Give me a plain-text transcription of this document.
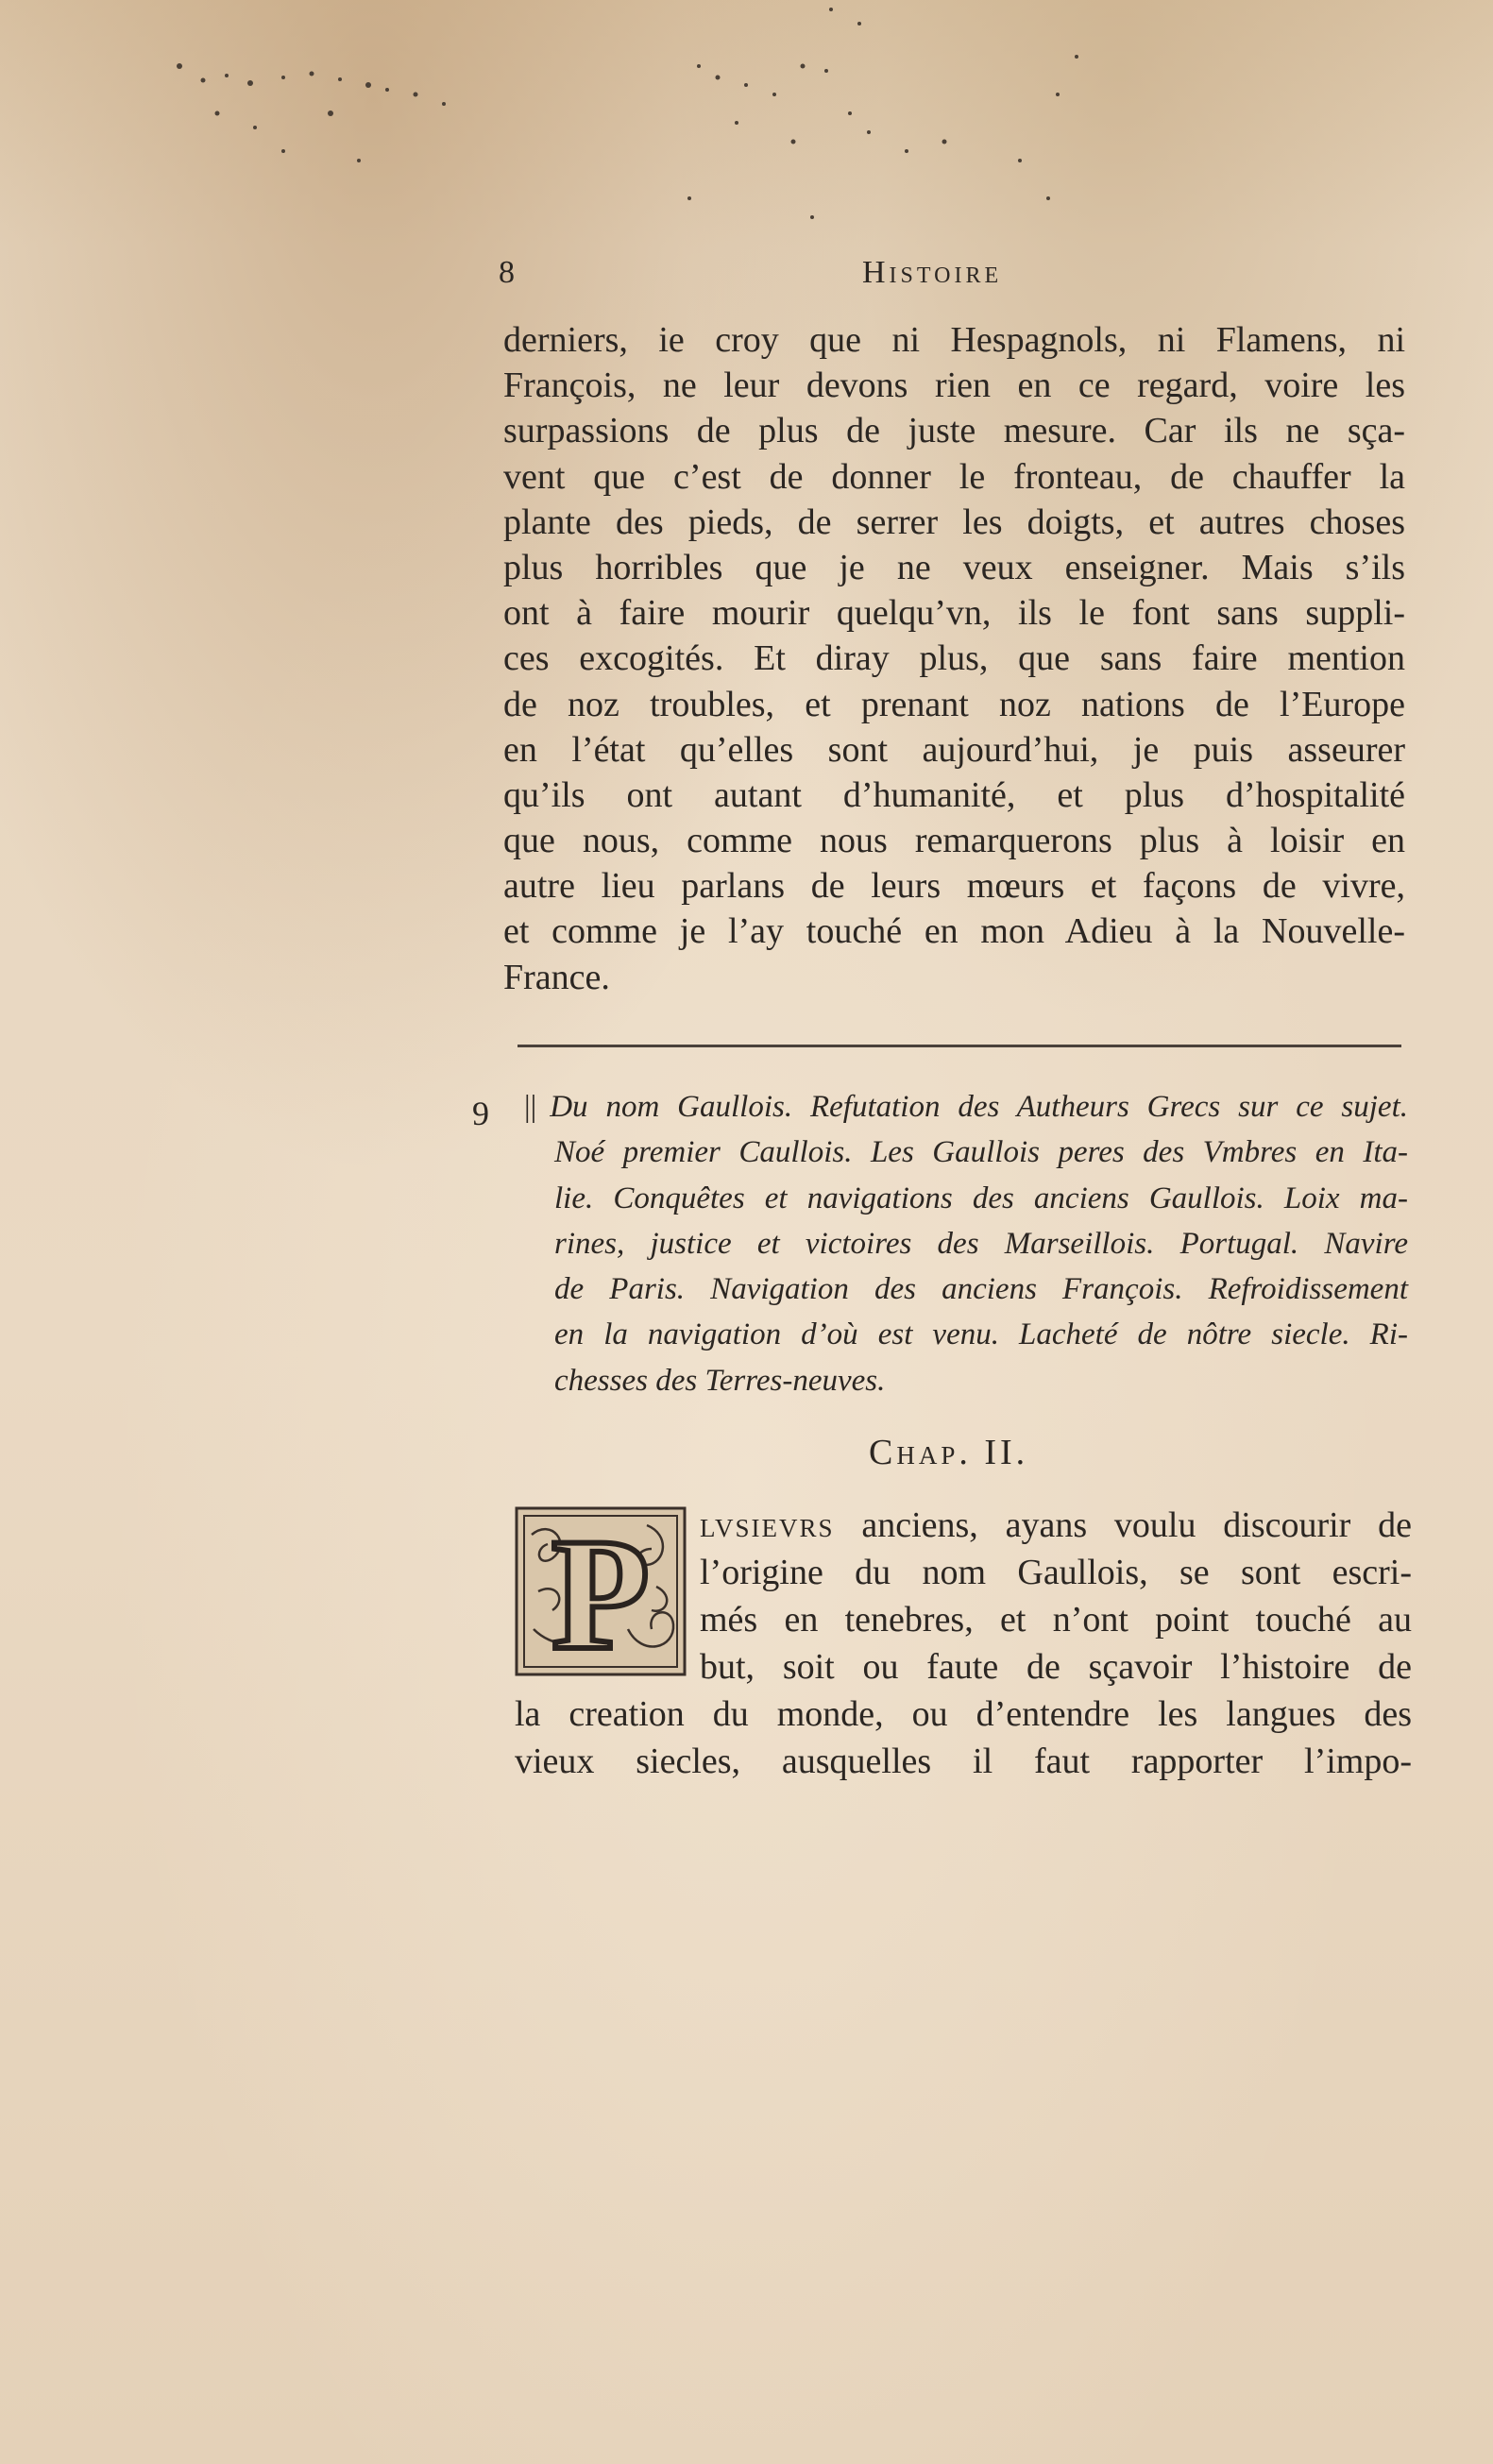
8	Histoire
derniers, ie croy que ni Hespagnols, ni Flamens, ni
François, ne leur devons rien en ce regard, voire les
surpassions de plus de juste mesure. Car ils ne sça-
vent que c’est de donner le fronteau, de chauffer la
plante des pieds, de serrer les doigts, et autres choses
plus horribles que je ne veux enseigner. Mais s’ils
ont à faire mourir quelqu’vn, ils le font sans suppli-
ces excogités. Et diray plus, que sans faire mention
de noz troubles, et prenant noz nations de l’Europe
en l’état qu’elles sont aujourd’hui, je puis asseurer
qu’ils ont autant d’humanité, et plus d’hospitalité
que nous, comme nous remarquerons plus à loisir en
autre lieu parlans de leurs mœurs et façons de vivre,
et comme je l’ay touché en mon Adieu à la Nouvelle-
France.
9 || Du nom Gaullois. Refutation des Autheurs Grecs sur ce sujet.
Noé premier Caullois. Les Gaullois peres des Vmbres en Ita-
lie. Conquêtes et navigations des anciens Gaullois. Loix ma-
rines, justice et victoires des Marseillois. Portugal. Navire
de Paris. Navigation des anciens François. Refroidissement
en la navigation d’où est venu. Lacheté de nôtre siecle. Ri-
chesses des Terres-neuves.
Chap. II.
P	lvsievrs anciens, ayans voulu discourir de
l’origine du nom Gaullois, se sont escri-
més en tenebres, et n’ont point touché au
but, soit ou faute de sçavoir l’histoire de
la creation du monde, ou d’entendre les langues des
vieux siecles, ausquelles il faut rapporter l’impo-
